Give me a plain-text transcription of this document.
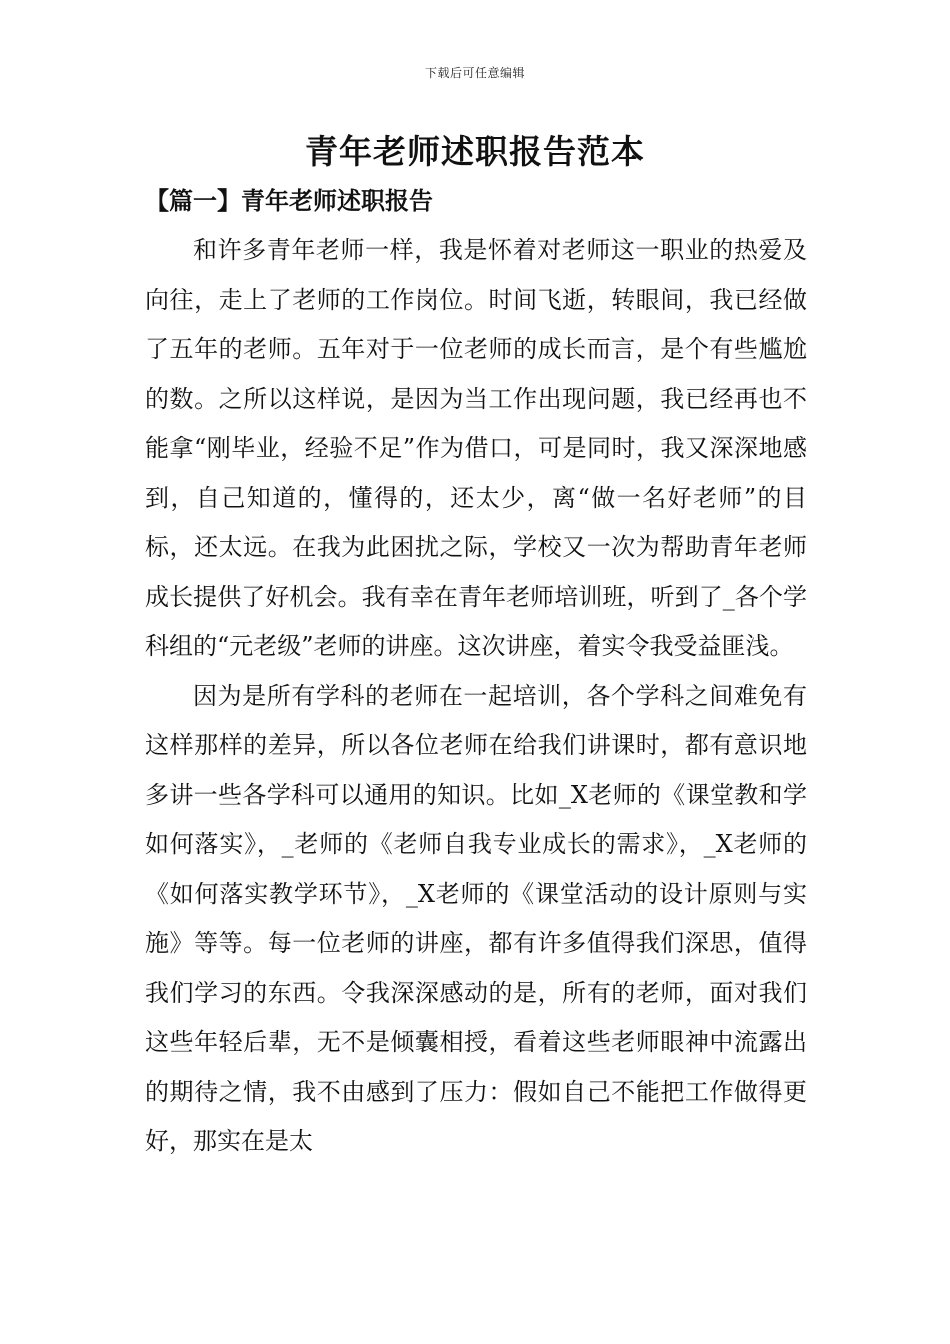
下载后可任意编辑
青年老师述职报告范本
【篇一】青年老师述职报告

和许多青年老师一样，我是怀着对老师这一职业的热爱及向往，走上了老师的工作岗位。时间飞逝，转眼间，我已经做了五年的老师。五年对于一位老师的成长而言，是个有些尴尬的数。之所以这样说，是因为当工作出现问题，我已经再也不能拿“刚毕业，经验不足”作为借口，可是同时，我又深深地感到，自己知道的，懂得的，还太少，离“做一名好老师”的目标，还太远。在我为此困扰之际，学校又一次为帮助青年老师成长提供了好机会。我有幸在青年老师培训班，听到了_各个学科组的“元老级”老师的讲座。这次讲座，着实令我受益匪浅。

因为是所有学科的老师在一起培训，各个学科之间难免有这样那样的差异，所以各位老师在给我们讲课时，都有意识地多讲一些各学科可以通用的知识。比如_X老师的《课堂教和学如何落实》，_老师的《老师自我专业成长的需求》，_X老师的《如何落实教学环节》，_X老师的《课堂活动的设计原则与实施》等等。每一位老师的讲座，都有许多值得我们深思，值得我们学习的东西。令我深深感动的是，所有的老师，面对我们这些年轻后辈，无不是倾囊相授，看着这些老师眼神中流露出的期待之情，我不由感到了压力：假如自己不能把工作做得更好，那实在是太
